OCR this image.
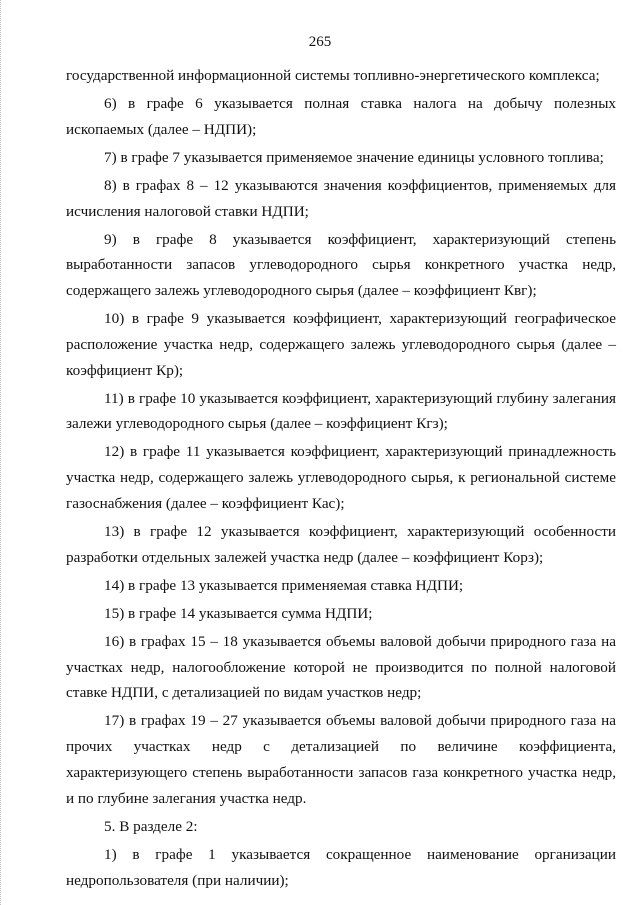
265

государственной информационной системы топливно-энергетического комплекса;

6) в графе 6 указывается полная ставка налога на добычу полезных ископаемых (далее – НДПИ);

7) в графе 7 указывается применяемое значение единицы условного топлива;

8) в графах 8 – 12 указываются значения коэффициентов, применяемых для исчисления налоговой ставки НДПИ;

9) в графе 8 указывается коэффициент, характеризующий степень выработанности запасов углеводородного сырья конкретного участка недр, содержащего залежь углеводородного сырья (далее – коэффициент Квг);

10) в графе 9 указывается коэффициент, характеризующий географическое расположение участка недр, содержащего залежь углеводородного сырья (далее – коэффициент Кр);

11) в графе 10 указывается коэффициент, характеризующий глубину залегания залежи углеводородного сырья (далее – коэффициент Кгз);

12) в графе 11 указывается коэффициент, характеризующий принадлежность участка недр, содержащего залежь углеводородного сырья, к региональной системе газоснабжения (далее – коэффициент Кас);

13) в графе 12 указывается коэффициент, характеризующий особенности разработки отдельных залежей участка недр (далее – коэффициент Корз);

14) в графе 13 указывается применяемая ставка НДПИ;

15) в графе 14 указывается сумма НДПИ;

16) в графах 15 – 18 указывается объемы валовой добычи природного газа на участках недр, налогообложение которой не производится по полной налоговой ставке НДПИ, с детализацией по видам участков недр;

17) в графах 19 – 27 указывается объемы валовой добычи природного газа на прочих участках недр с детализацией по величине коэффициента, характеризующего степень выработанности запасов газа конкретного участка недр, и по глубине залегания участка недр.

5. В разделе 2:

1) в графе 1 указывается сокращенное наименование организации недропользователя (при наличии);
